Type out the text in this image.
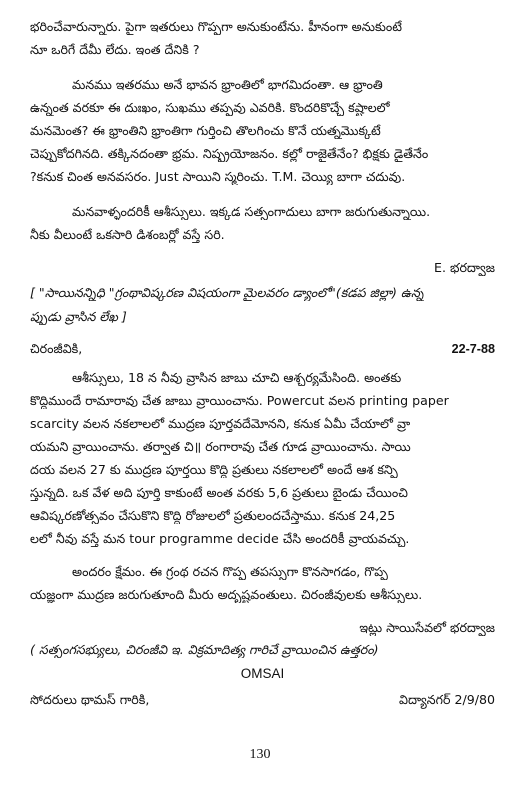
భరించేవారున్నారు. పైగా ఇతరులు గొప్పగా అనుకుంటేను. హీనంగా అనుకుంటే
నూ ఒరిగే దేమీ లేదు. ఇంత దేనికి ?
మనము ఇతరము అనే భావన భ్రాంతిలో భాగమిదంతా. ఆ భ్రాంతి
ఉన్నంత వరకూ ఈ దుఃఖం, సుఖము తప్పవు ఎవరికి. కొందరికొచ్చే కష్టాలలో
మనమెంత? ఈ భ్రాంతిని భ్రాంతిగా గుర్తించి తొలగించు కొనే యత్నమొక్కటే
చెప్పుకోదగినది. తక్కినదంతా భ్రమ. నిష్ప్రయోజనం. కల్లో రాజైతేనేం? భిక్షకు డైతేనేం
?కనుక చింత అనవసరం. Just సాయిని స్మరించు. T.M. చెయ్యి బాగా చదువు.
మనవాళ్ళందరికీ ఆశీస్సులు. ఇక్కడ సత్సంగాదులు బాగా జరుగుతున్నాయి.
నీకు వీలుంటే ఒకసారి డిశంబర్లో వస్తే సరి.
E. భరద్వాజ
[ "సాయినన్నిధి "గ్రంథావిష్కరణ విషయంగా మైలవరం డ్యాంలో"(కడప జిల్లా) ఉన్న
ప్పుడు వ్రాసిన లేఖ ]
చిరంజీవికి,	22-7-88
ఆశీస్సులు, 18 న నీవు వ్రాసిన జాబు చూచి ఆశ్చర్యమేసింది. అంతకు
కొద్దిముందే రామారావు చేత జాబు వ్రాయించాను. Powercut వలన printing paper
scarcity వలన నకలాలలో ముద్రణ పూర్తవదేమోనని, కనుక ఏమీ చేయాలో వ్రా
యమని వ్రాయించాను. తర్వాత చి॥ రంగారావు చేత గూడ వ్రాయించాను. సాయి
దయ వలన 27 కు ముద్రణ పూర్తయి కొద్ది ప్రతులు నకలాలలో అందే ఆశ కన్పి
స్తున్నది. ఒక వేళ అది పూర్తి కాకుంటే అంత వరకు 5,6 ప్రతులు బైండు చేయించి
ఆవిష్కరణోత్సవం చేసుకొని కొద్ది రోజులలో ప్రతులందచేస్తాము. కనుక 24,25
లలో నీవు వస్తే మన tour programme decide చేసి అందరికీ వ్రాయవచ్చు.
అందరం క్షేమం. ఈ గ్రంథ రచన గొప్ప తపస్సుగా కొనసాగడం, గొప్ప
యజ్ఞంగా ముద్రణ జరుగుతూంది మీరు అదృష్టవంతులు. చిరంజీవులకు ఆశీస్సులు.
ఇట్లు సాయిసేవలో భరద్వాజ
( సత్సంగసభ్యులు, చిరంజీవి ఇ. విక్రమాదిత్య గారిచే వ్రాయించిన ఉత్తరం)
OMSAI
సోదరులు థామస్ గారికి,	విద్యానగర్ 2/9/80
130
